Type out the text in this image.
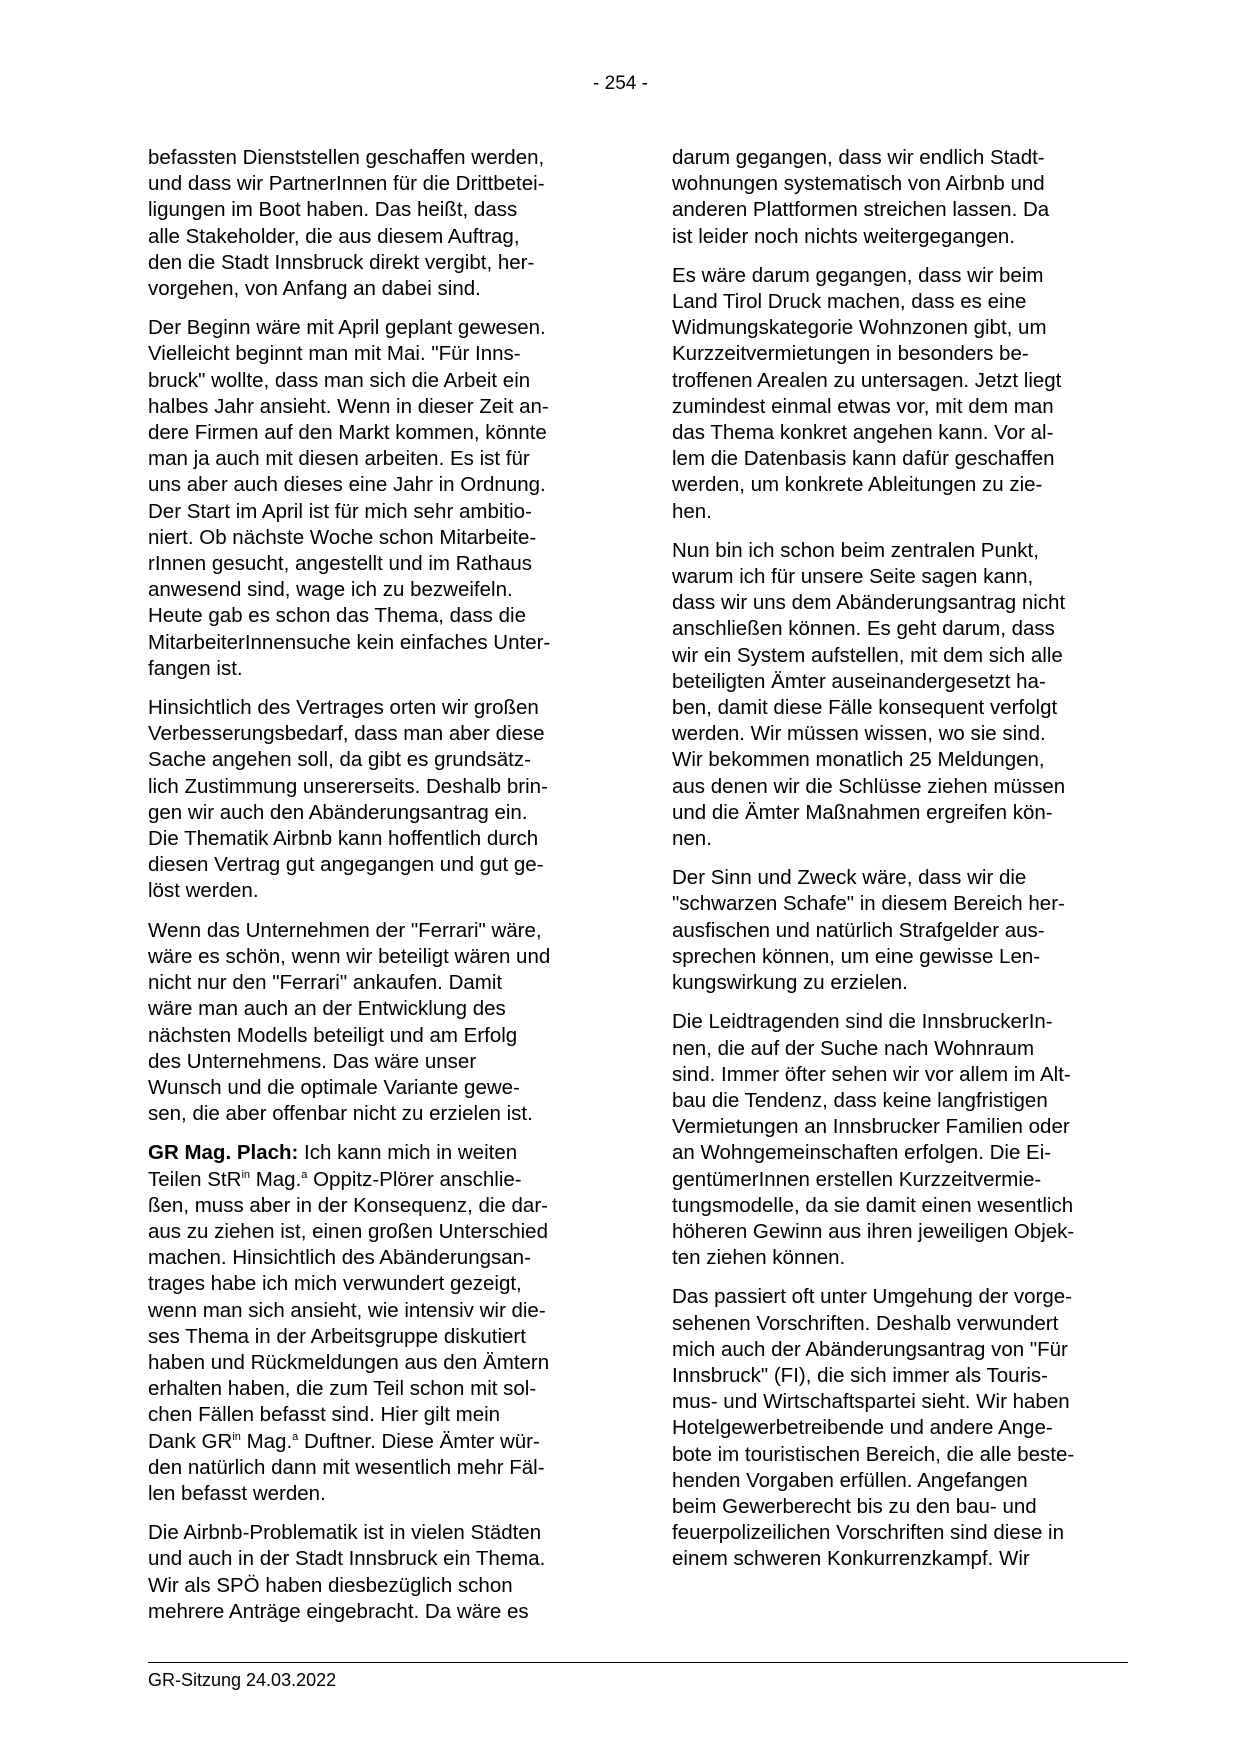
- 254 -

befassten Dienststellen geschaffen werden,
und dass wir PartnerInnen für die Drittbetei-
ligungen im Boot haben. Das heißt, dass
alle Stakeholder, die aus diesem Auftrag,
den die Stadt Innsbruck direkt vergibt, her-
vorgehen, von Anfang an dabei sind.

Der Beginn wäre mit April geplant gewesen.
Vielleicht beginnt man mit Mai. "Für Inns-
bruck" wollte, dass man sich die Arbeit ein
halbes Jahr ansieht. Wenn in dieser Zeit an-
dere Firmen auf den Markt kommen, könnte
man ja auch mit diesen arbeiten. Es ist für
uns aber auch dieses eine Jahr in Ordnung.
Der Start im April ist für mich sehr ambitio-
niert. Ob nächste Woche schon Mitarbeite-
rInnen gesucht, angestellt und im Rathaus
anwesend sind, wage ich zu bezweifeln.
Heute gab es schon das Thema, dass die
MitarbeiterInnensuche kein einfaches Unter-
fangen ist.

Hinsichtlich des Vertrages orten wir großen
Verbesserungsbedarf, dass man aber diese
Sache angehen soll, da gibt es grundsätz-
lich Zustimmung unsererseits. Deshalb brin-
gen wir auch den Abänderungsantrag ein.
Die Thematik Airbnb kann hoffentlich durch
diesen Vertrag gut angegangen und gut ge-
löst werden.

Wenn das Unternehmen der "Ferrari" wäre,
wäre es schön, wenn wir beteiligt wären und
nicht nur den "Ferrari" ankaufen. Damit
wäre man auch an der Entwicklung des
nächsten Modells beteiligt und am Erfolg
des Unternehmens. Das wäre unser
Wunsch und die optimale Variante gewe-
sen, die aber offenbar nicht zu erzielen ist.

GR Mag. Plach: Ich kann mich in weiten
Teilen StR$^{in}$ Mag.$^a$ Oppitz-Plörer anschlie-
ßen, muss aber in der Konsequenz, die dar-
aus zu ziehen ist, einen großen Unterschied
machen. Hinsichtlich des Abänderungsan-
trages habe ich mich verwundert gezeigt,
wenn man sich ansieht, wie intensiv wir die-
ses Thema in der Arbeitsgruppe diskutiert
haben und Rückmeldungen aus den Ämtern
erhalten haben, die zum Teil schon mit sol-
chen Fällen befasst sind. Hier gilt mein
Dank $GR^{in}$ Mag.$^a$ Duftner. Diese Ämter wür-
den natürlich dann mit wesentlich mehr Fäl-
len befasst werden.

Die Airbnb-Problematik ist in vielen Städten
und auch in der Stadt Innsbruck ein Thema.
Wir als SPÖ haben diesbezüglich schon
mehrere Anträge eingebracht. Da wäre es

darum gegangen, dass wir endlich Stadt-
wohnungen systematisch von Airbnb und
anderen Plattformen streichen lassen. Da
ist leider noch nichts weitergegangen.

Es wäre darum gegangen, dass wir beim
Land Tirol Druck machen, dass es eine
Widmungskategorie Wohnzonen gibt, um
Kurzzeitvermietungen in besonders be-
troffenen Arealen zu untersagen. Jetzt liegt
zumindest einmal etwas vor, mit dem man
das Thema konkret angehen kann. Vor al-
lem die Datenbasis kann dafür geschaffen
werden, um konkrete Ableitungen zu zie-
hen.

Nun bin ich schon beim zentralen Punkt,
warum ich für unsere Seite sagen kann,
dass wir uns dem Abänderungsantrag nicht
anschließen können. Es geht darum, dass
wir ein System aufstellen, mit dem sich alle
beteiligten Ämter auseinandergesetzt ha-
ben, damit diese Fälle konsequent verfolgt
werden. Wir müssen wissen, wo sie sind.
Wir bekommen monatlich 25 Meldungen,
aus denen wir die Schlüsse ziehen müssen
und die Ämter Maßnahmen ergreifen kön-
nen.

Der Sinn und Zweck wäre, dass wir die
"schwarzen Schafe" in diesem Bereich her-
ausfischen und natürlich Strafgelder aus-
sprechen können, um eine gewisse Len-
kungswirkung zu erzielen.

Die Leidtragenden sind die InnsbruckerIn-
nen, die auf der Suche nach Wohnraum
sind. Immer öfter sehen wir vor allem im Alt-
bau die Tendenz, dass keine langfristigen
Vermietungen an Innsbrucker Familien oder
an Wohngemeinschaften erfolgen. Die Ei-
gentümerInnen erstellen Kurzzeitvermie-
tungsmodelle, da sie damit einen wesentlich
höheren Gewinn aus ihren jeweiligen Objek-
ten ziehen können.

Das passiert oft unter Umgehung der vorge-
sehenen Vorschriften. Deshalb verwundert
mich auch der Abänderungsantrag von "Für
Innsbruck" (FI), die sich immer als Touris-
mus- und Wirtschaftspartei sieht. Wir haben
Hotelgewerbetreibende und andere Ange-
bote im touristischen Bereich, die alle beste-
henden Vorgaben erfüllen. Angefangen
beim Gewerberecht bis zu den bau- und
feuerpolizeilichen Vorschriften sind diese in
einem schweren Konkurrenzkampf. Wir

GR-Sitzung 24.03.2022
